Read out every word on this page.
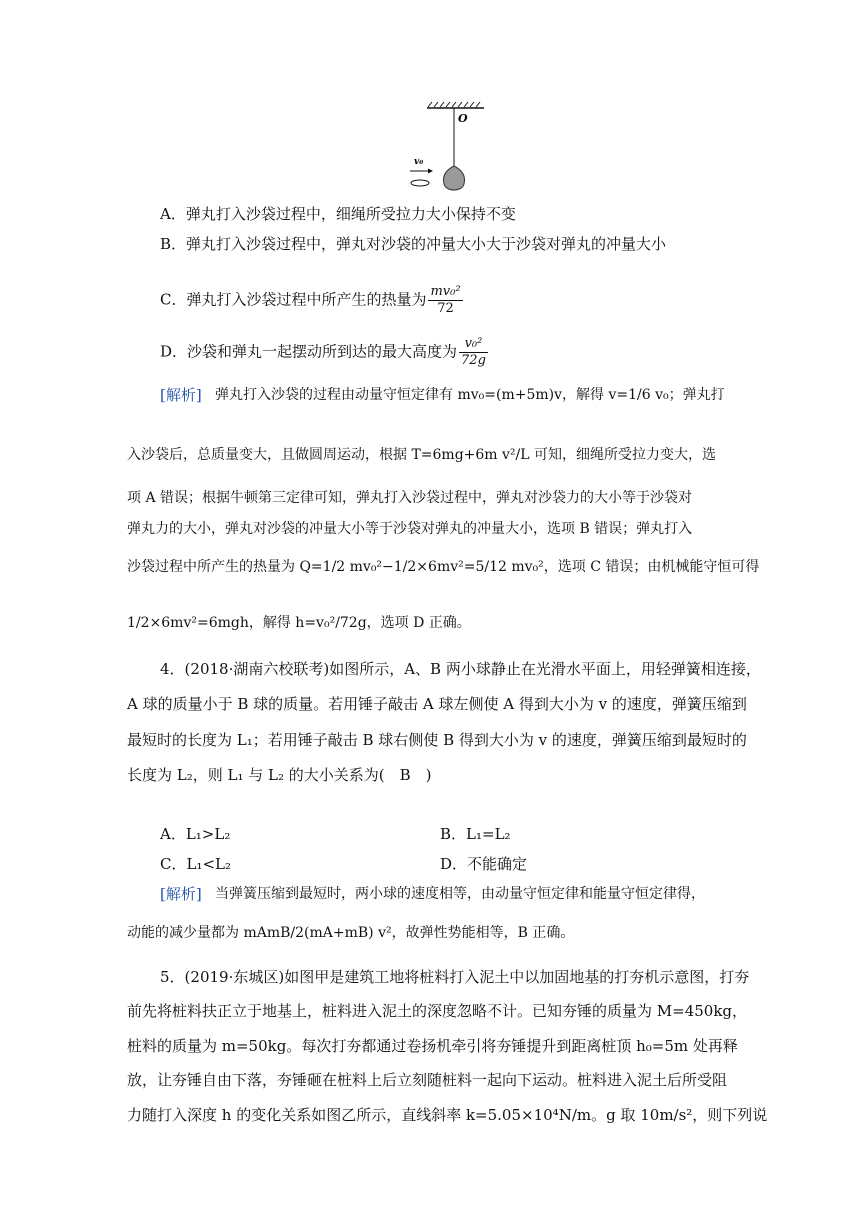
O
v₀
A．弹丸打入沙袋过程中，细绳所受拉力大小保持不变
B．弹丸打入沙袋过程中，弹丸对沙袋的冲量大小大于沙袋对弹丸的冲量大小
C．弹丸打入沙袋过程中所产生的热量为 $\frac{\text{mv₀²}}{72}$
D．沙袋和弹丸一起摆动所到达的最大高度为 $\frac{\text{v₀²}}{72g}$
[解析] 弹丸打入沙袋的过程由动量守恒定律有 mv₀=(m+5m)v，解得 v=1/6 v₀；弹丸打
入沙袋后，总质量变大，且做圆周运动，根据 T=6mg+6m v²/L 可知，细绳所受拉力变大，选
项 A 错误；根据牛顿第三定律可知，弹丸打入沙袋过程中，弹丸对沙袋力的大小等于沙袋对
弹丸力的大小，弹丸对沙袋的冲量大小等于沙袋对弹丸的冲量大小，选项 B 错误；弹丸打入
沙袋过程中所产生的热量为 Q=1/2 mv₀²−1/2×6mv²=5/12 mv₀²，选项 C 错误；由机械能守恒可得
1/2×6mv²=6mgh，解得 h=v₀²/72g，选项 D 正确。
4．(2018·湖南六校联考)如图所示，A、B 两小球静止在光滑水平面上，用轻弹簧相连接，
A 球的质量小于 B 球的质量。若用锤子敲击 A 球左侧使 A 得到大小为 v 的速度，弹簧压缩到
最短时的长度为 L₁；若用锤子敲击 B 球右侧使 B 得到大小为 v 的速度，弹簧压缩到最短时的
长度为 L₂，则 L₁ 与 L₂ 的大小关系为(　B　)
A．L₁>L₂	B．L₁=L₂
C．L₁<L₂	D．不能确定
[解析] 当弹簧压缩到最短时，两小球的速度相等，由动量守恒定律和能量守恒定律得，
动能的减少量都为 mAmB/2(mA+mB) v²，故弹性势能相等，B 正确。
5．(2019·东城区)如图甲是建筑工地将桩料打入泥土中以加固地基的打夯机示意图，打夯
前先将桩料扶正立于地基上，桩料进入泥土的深度忽略不计。已知夯锤的质量为 M=450kg，
桩料的质量为 m=50kg。每次打夯都通过卷扬机牵引将夯锤提升到距离桩顶 h₀=5m 处再释
放，让夯锤自由下落，夯锤砸在桩料上后立刻随桩料一起向下运动。桩料进入泥土后所受阻
力随打入深度 h 的变化关系如图乙所示，直线斜率 k=5.05×10⁴N/m。g 取 10m/s²，则下列说
